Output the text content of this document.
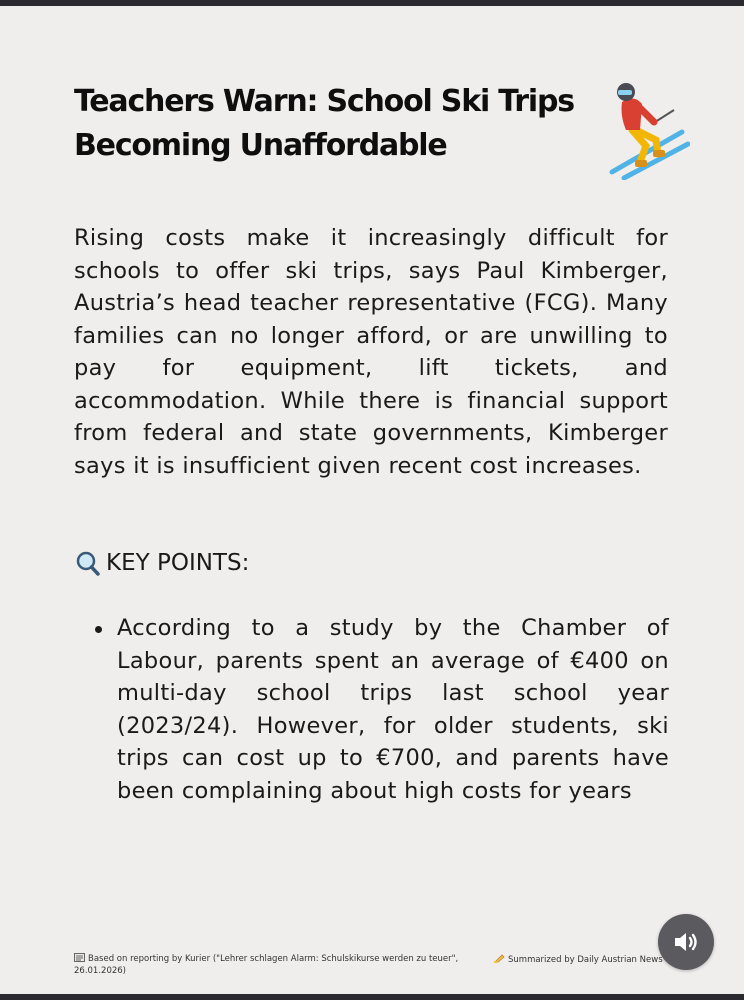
Teachers Warn: School Ski Trips Becoming Unaffordable

Rising costs make it increasingly difficult for schools to offer ski trips, says Paul Kimberger, Austria’s head teacher representative (FCG). Many families can no longer afford, or are unwilling to pay for equipment, lift tickets, and accommodation. While there is financial support from federal and state governments, Kimberger says it is insufficient given recent cost increases.

KEY POINTS:
According to a study by the Chamber of Labour, parents spent an average of €400 on multi-day school trips last school year (2023/24). However, for older students, ski trips can cost up to €700, and parents have been complaining about high costs for years
Based on reporting by Kurier ("Lehrer schlagen Alarm: Schulskikurse werden zu teuer", 26.01.2026)
Summarized by Daily Austrian News
